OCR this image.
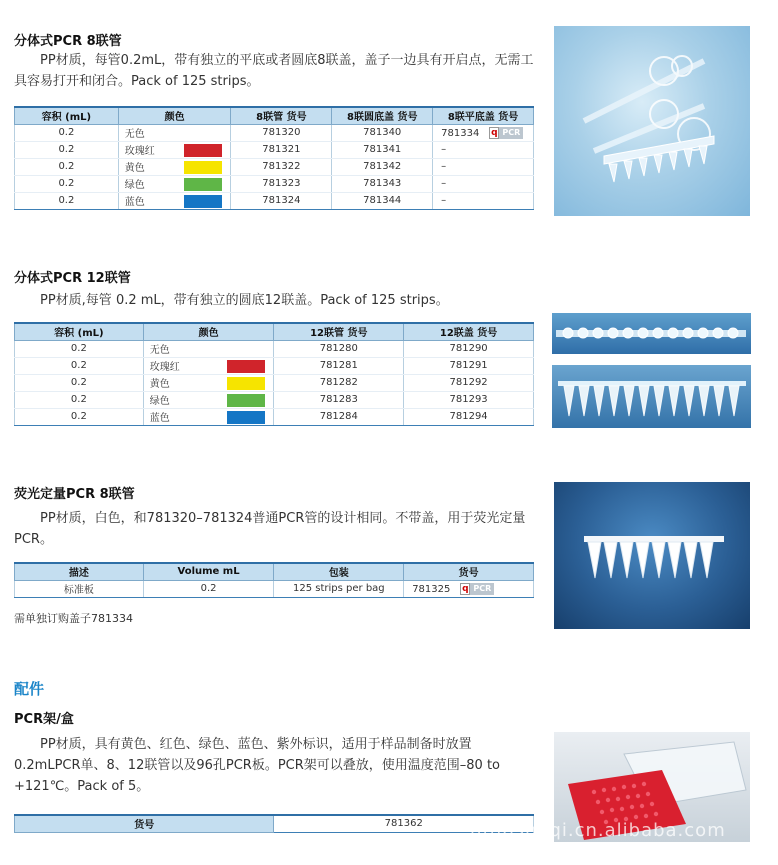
分体式PCR 8联管
PP材质，每管0.2mL，带有独立的平底或者圆底8联盖，盖子一边具有开启点，无需工具容易打开和闭合。Pack of 125 strips。
容积 (mL)	颜色	8联管 货号	8联圆底盖 货号	8联平底盖 货号
0.2	无色	781320	781340	781334 q PCR
0.2	玫瑰红	781321	781341	–
0.2	黄色	781322	781342	–
0.2	绿色	781323	781343	–
0.2	蓝色	781324	781344	–
分体式PCR 12联管
PP材质,每管 0.2 mL，带有独立的圆底12联盖。Pack of 125 strips。
容积 (mL)	颜色	12联管 货号	12联盖 货号
0.2	无色	781280	781290
0.2	玫瑰红	781281	781291
0.2	黄色	781282	781292
0.2	绿色	781283	781293
0.2	蓝色	781284	781294
荧光定量PCR 8联管
PP材质，白色，和781320–781324普通PCR管的设计相同。不带盖，用于荧光定量PCR。
描述	Volume mL	包装	货号
标准板	0.2	125 strips per bag	781325 q PCR
需单独订购盖子781334
配件
PCR架/盒
PP材质，具有黄色、红色、绿色、蓝色、紫外标识，适用于样品制备时放置0.2mLPCR单、8、12联管以及96孔PCR板。PCR架可以叠放，使用温度范围–80 to +121℃。Pack of 5。
货号	781362	hfhpsheqi.cn.alibaba.com
